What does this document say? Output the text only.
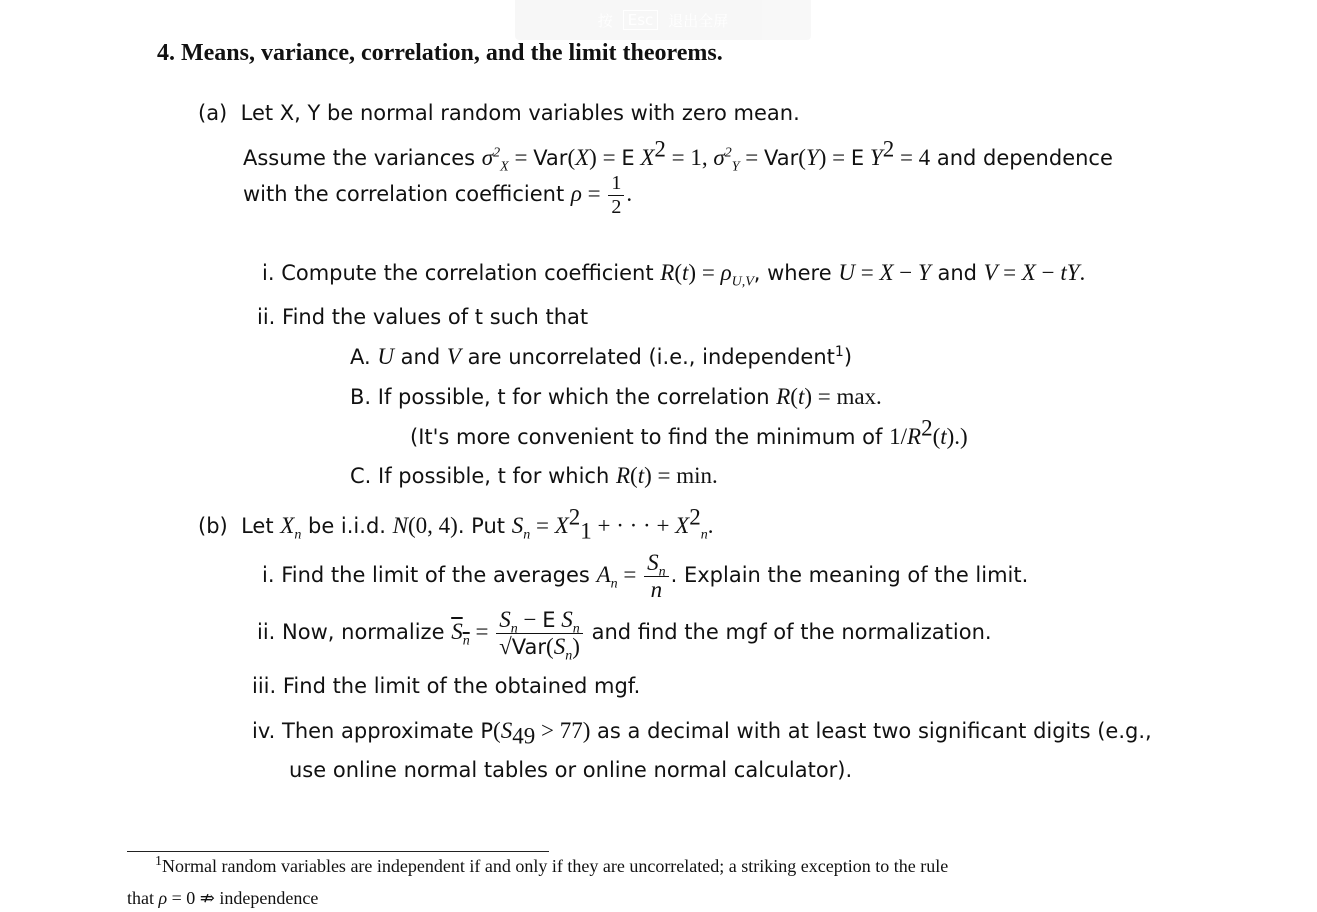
按	Esc	退出全屏
4. Means, variance, correlation, and the limit theorems.
(a) Let X, Y be normal random variables with zero mean.
Assume the variances $\sigma^2_X = Var(X) = E$ $X^2 = 1$, $\sigma^2_Y = Var(Y) = E$ $Y^2 = 4$ and dependence
with the correlation coefficient $\rho = \frac{1}{2}$ .
i. Compute the correlation coefficient $R(t) = \rho_{U,V}$, where U = X − Y and V = X − tY.
ii. Find the values of t such that
A. U and V are uncorrelated (i.e., independent$^1$)
B. If possible, t for which the correlation R(t) = max.
(It's more convenient to find the minimum of $1/R^2(t)$.)
C. If possible, t for which R(t) = min.
(b) Let $X_n$ be i.i.d. N(0, 4). Put $S_n = X^2_1$ + · · · + $X^2_n$.
i. Find the limit of the averages $A_n = \frac{S_n}{n}$ . Explain the meaning of the limit.
ii. Now, normalize $S_n = \frac{S_n - E S_n}{√Var(S_n)}$ and find the mgf of the normalization.
iii. Find the limit of the obtained mgf.
iv. Then approximate $P(S_{49} > 77)$ as a decimal with at least two significant digits (e.g.,
use online normal tables or online normal calculator).
$^1$Normal random variables are independent if and only if they are uncorrelated; a striking exception to the rule
that ρ = 0 ⇏ independence
